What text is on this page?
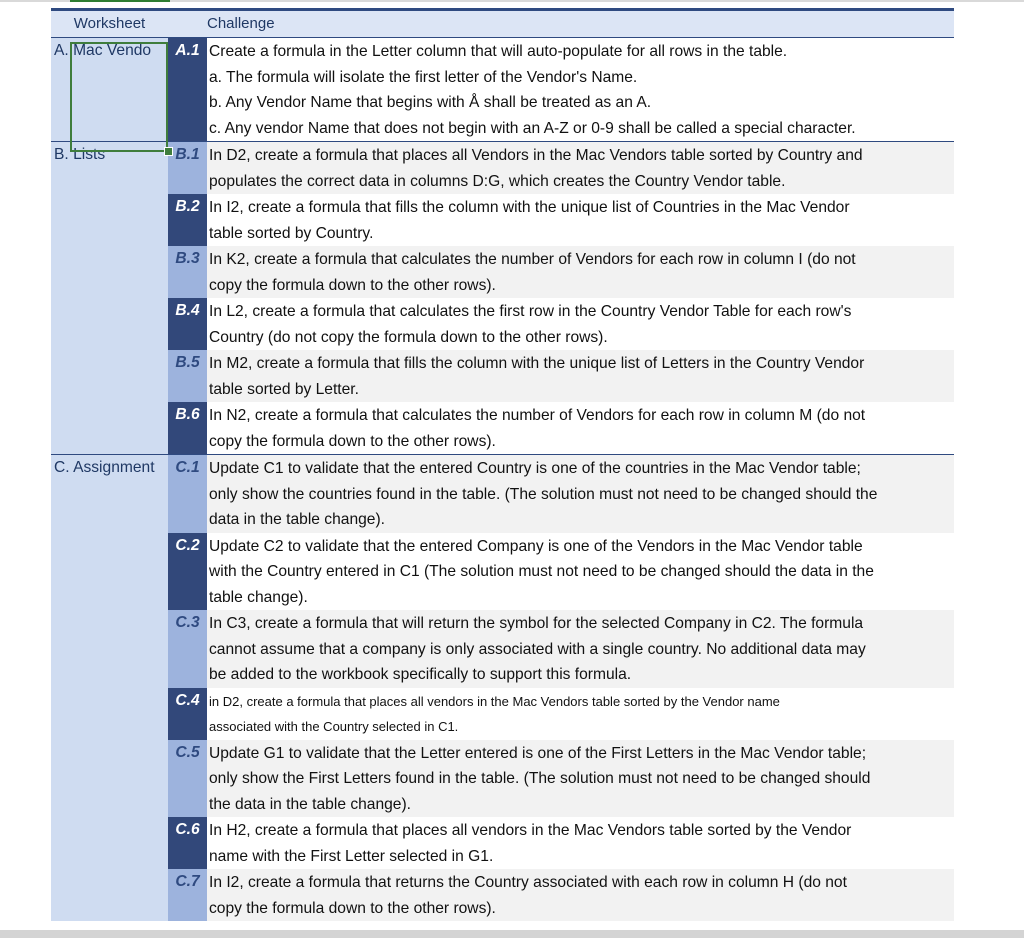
Worksheet	Challenge
A. Mac Vendo	A.1 Create a formula in the Letter column that will auto-populate for all rows in the table.
a. The formula will isolate the first letter of the Vendor's Name.
b. Any Vendor Name that begins with Å shall be treated as an A.
c. Any vendor Name that does not begin with an A-Z or 0-9 shall be called a special character.
B. Lists	B.1 In D2, create a formula that places all Vendors in the Mac Vendors table sorted by Country and
populates the correct data in columns D:G, which creates the Country Vendor table.
B.2 In I2, create a formula that fills the column with the unique list of Countries in the Mac Vendor
table sorted by Country.
B.3 In K2, create a formula that calculates the number of Vendors for each row in column I (do not
copy the formula down to the other rows).
B.4 In L2, create a formula that calculates the first row in the Country Vendor Table for each row's
Country (do not copy the formula down to the other rows).
B.5 In M2, create a formula that fills the column with the unique list of Letters in the Country Vendor
table sorted by Letter.
B.6 In N2, create a formula that calculates the number of Vendors for each row in column M (do not
copy the formula down to the other rows).
C. Assignment	C.1 Update C1 to validate that the entered Country is one of the countries in the Mac Vendor table;
only show the countries found in the table. (The solution must not need to be changed should the
data in the table change).
C.2 Update C2 to validate that the entered Company is one of the Vendors in the Mac Vendor table
with the Country entered in C1 (The solution must not need to be changed should the data in the
table change).
C.3 In C3, create a formula that will return the symbol for the selected Company in C2. The formula
cannot assume that a company is only associated with a single country. No additional data may
be added to the workbook specifically to support this formula.
C.4 in D2, create a formula that places all vendors in the Mac Vendors table sorted by the Vendor name
associated with the Country selected in C1.
C.5 Update G1 to validate that the Letter entered is one of the First Letters in the Mac Vendor table;
only show the First Letters found in the table. (The solution must not need to be changed should
the data in the table change).
C.6 In H2, create a formula that places all vendors in the Mac Vendors table sorted by the Vendor
name with the First Letter selected in G1.
C.7 In I2, create a formula that returns the Country associated with each row in column H (do not
copy the formula down to the other rows).
